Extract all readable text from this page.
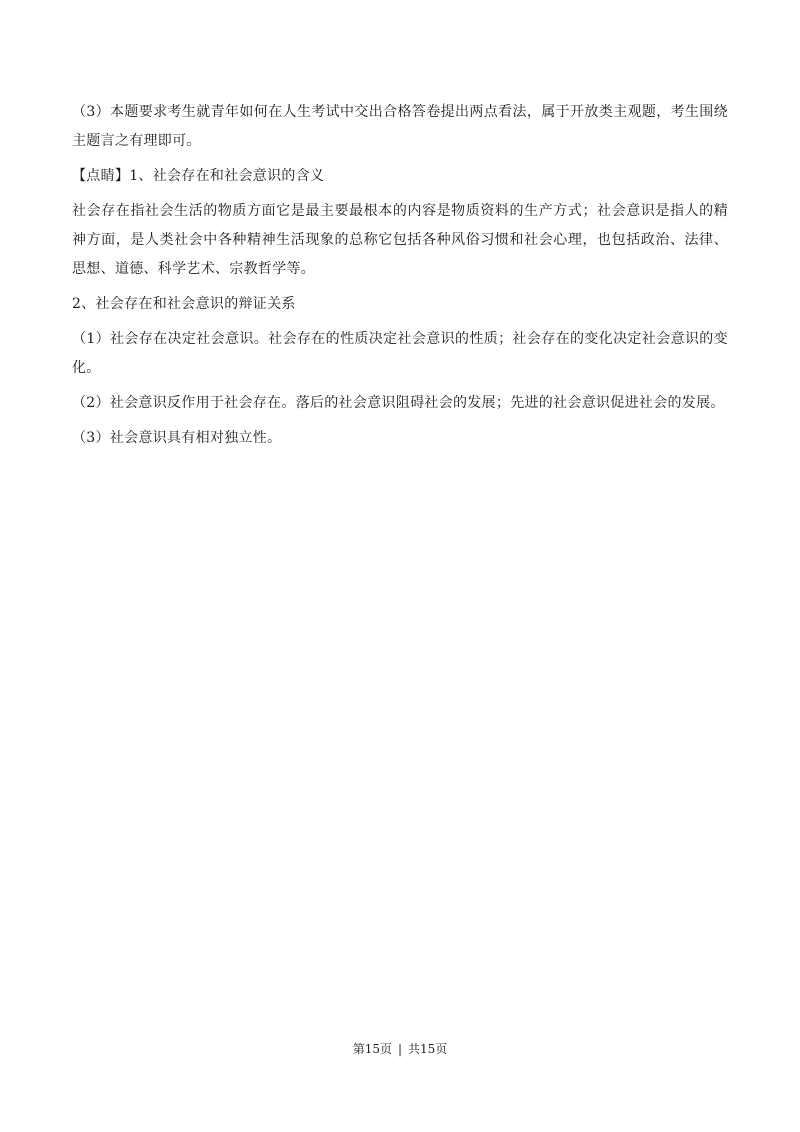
（3）本题要求考生就青年如何在人生考试中交出合格答卷提出两点看法，属于开放类主观题，考生围绕主题言之有理即可。

【点睛】1、社会存在和社会意识的含义

社会存在指社会生活的物质方面它是最主要最根本的内容是物质资料的生产方式；社会意识是指人的精神方面，是人类社会中各种精神生活现象的总称它包括各种风俗习惯和社会心理，也包括政治、法律、思想、道德、科学艺术、宗教哲学等。

2、社会存在和社会意识的辩证关系

（1）社会存在决定社会意识。社会存在的性质决定社会意识的性质；社会存在的变化决定社会意识的变化。

（2）社会意识反作用于社会存在。落后的社会意识阻碍社会的发展；先进的社会意识促进社会的发展。

（3）社会意识具有相对独立性。

第15页 | 共15页
